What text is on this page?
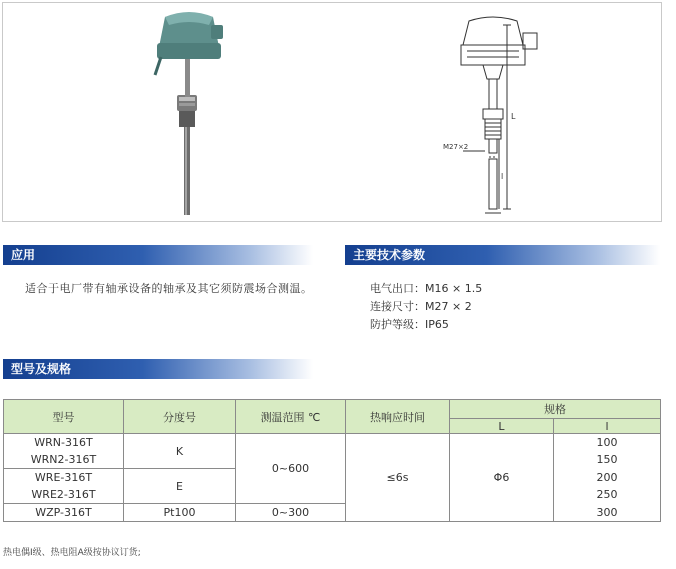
M27×2
L
l
应用	主要技术参数
适合于电厂带有轴承设备的轴承及其它须防震场合测温。	电气出口：M16 × 1.5
连接尺寸：M27 × 2
防护等级：IP65
型号及规格
型号	分度号	测温范围 ℃	热响应时间	规格	
				L	l
WRN-316T	K	0~600	≤6s	Φ6	100
WRN2-316T					150
WRE-316T	E				200
WRE2-316T					250
WZP-316T	Pt100	0~300			300
热电偶Ⅰ级、热电阻A级按协议订货;
